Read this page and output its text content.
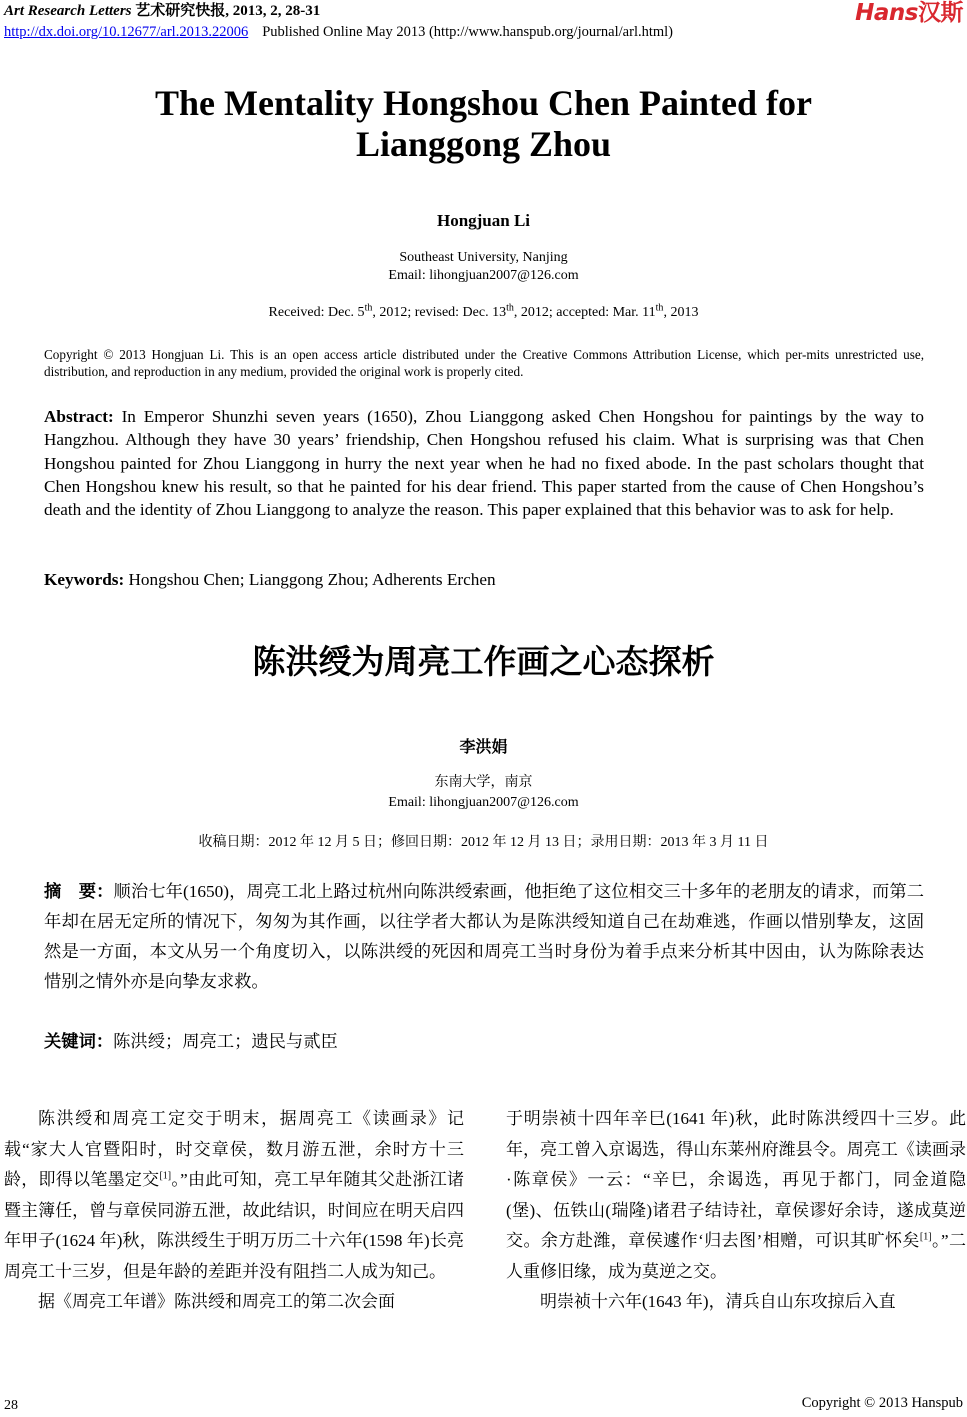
Art Research Letters 艺术研究快报, 2013, 2, 28-31
http://dx.doi.org/10.12677/arl.2013.22006 Published Online May 2013 (http://www.hanspub.org/journal/arl.html)
Hans汉斯
The Mentality Hongshou Chen Painted for
Lianggong Zhou
Hongjuan Li
Southeast University, Nanjing
Email: lihongjuan2007@126.com
Received: Dec. 5th, 2012; revised: Dec. 13th, 2012; accepted: Mar. 11th, 2013
Copyright © 2013 Hongjuan Li. This is an open access article distributed under the Creative Commons Attribution License, which per-mits unrestricted use, distribution, and reproduction in any medium, provided the original work is properly cited.
Abstract: In Emperor Shunzhi seven years (1650), Zhou Lianggong asked Chen Hongshou for paintings by the way to Hangzhou. Although they have 30 years’ friendship, Chen Hongshou refused his claim. What is surprising was that Chen Hongshou painted for Zhou Lianggong in hurry the next year when he had no fixed abode. In the past scholars thought that Chen Hongshou knew his result, so that he painted for his dear friend. This paper started from the cause of Chen Hongshou’s death and the identity of Zhou Lianggong to analyze the reason. This paper explained that this behavior was to ask for help.
Keywords: Hongshou Chen; Lianggong Zhou; Adherents Erchen
陈洪绶为周亮工作画之心态探析
李洪娟
东南大学，南京
Email: lihongjuan2007@126.com
收稿日期：2012 年 12 月 5 日；修回日期：2012 年 12 月 13 日；录用日期：2013 年 3 月 11 日
摘　要：顺治七年(1650)，周亮工北上路过杭州向陈洪绶索画，他拒绝了这位相交三十多年的老朋友的请求，而第二年却在居无定所的情况下，匆匆为其作画，以往学者大都认为是陈洪绶知道自己在劫难逃，作画以惜别挚友，这固然是一方面，本文从另一个角度切入，以陈洪绶的死因和周亮工当时身份为着手点来分析其中因由，认为陈除表达惜别之情外亦是向挚友求救。
关键词：陈洪绶；周亮工；遗民与贰臣

陈洪绶和周亮工定交于明末，据周亮工《读画录》记载“家大人官暨阳时，时交章侯，数月游五泄，余时方十三龄，即得以笔墨定交[1]。”由此可知，亮工早年随其父赴浙江诸暨主簿任，曾与章侯同游五泄，故此结识，时间应在明天启四年甲子(1624 年)秋，陈洪绶生于明万历二十六年(1598 年)长亮周亮工十三岁，但是年龄的差距并没有阻挡二人成为知己。

据《周亮工年谱》陈洪绶和周亮工的第二次会面

于明崇祯十四年辛巳(1641 年)秋，此时陈洪绶四十三岁。此年，亮工曾入京谒选，得山东莱州府潍县令。周亮工《读画录·陈章侯》一云：“辛巳，余谒选，再见于都门，同金道隐(堡)、伍铁山(瑞隆)诸君子结诗社，章侯谬好余诗，遂成莫逆交。余方赴潍，章侯遽作‘归去图’相赠，可识其旷怀矣[1]。”二人重修旧缘，成为莫逆之交。

明崇祯十六年(1643 年)，清兵自山东攻掠后入直

28	Copyright © 2013 Hanspub
